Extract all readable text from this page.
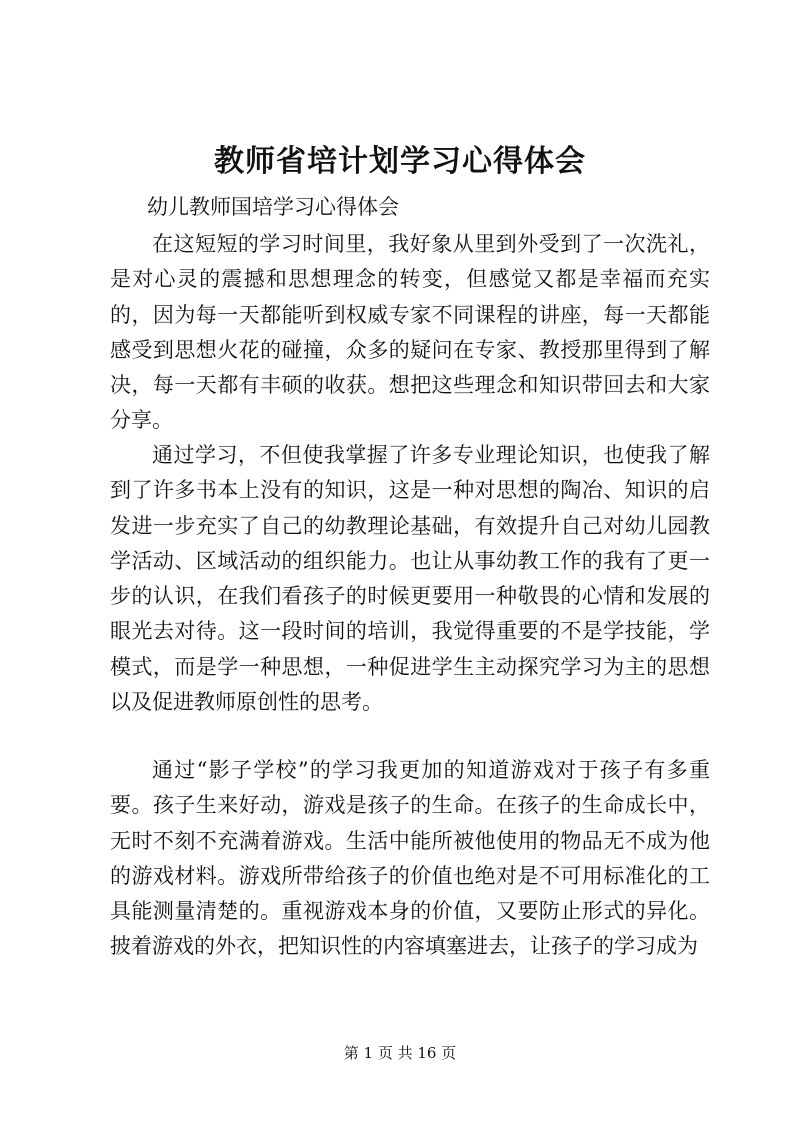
教师省培计划学习心得体会
幼儿教师国培学习心得体会

在这短短的学习时间里，我好象从里到外受到了一次洗礼，是对心灵的震撼和思想理念的转变，但感觉又都是幸福而充实的，因为每一天都能听到权威专家不同课程的讲座，每一天都能感受到思想火花的碰撞，众多的疑问在专家、教授那里得到了解决，每一天都有丰硕的收获。想把这些理念和知识带回去和大家分享。

通过学习，不但使我掌握了许多专业理论知识，也使我了解到了许多书本上没有的知识，这是一种对思想的陶冶、知识的启发进一步充实了自己的幼教理论基础，有效提升自己对幼儿园教学活动、区域活动的组织能力。也让从事幼教工作的我有了更一步的认识，在我们看孩子的时候更要用一种敬畏的心情和发展的眼光去对待。这一段时间的培训，我觉得重要的不是学技能，学模式，而是学一种思想，一种促进学生主动探究学习为主的思想以及促进教师原创性的思考。

通过“影子学校”的学习我更加的知道游戏对于孩子有多重要。孩子生来好动，游戏是孩子的生命。在孩子的生命成长中，无时不刻不充满着游戏。生活中能所被他使用的物品无不成为他的游戏材料。游戏所带给孩子的价值也绝对是不可用标准化的工具能测量清楚的。重视游戏本身的价值，又要防止形式的异化。披着游戏的外衣，把知识性的内容填塞进去，让孩子的学习成为

第 1 页 共 16 页
